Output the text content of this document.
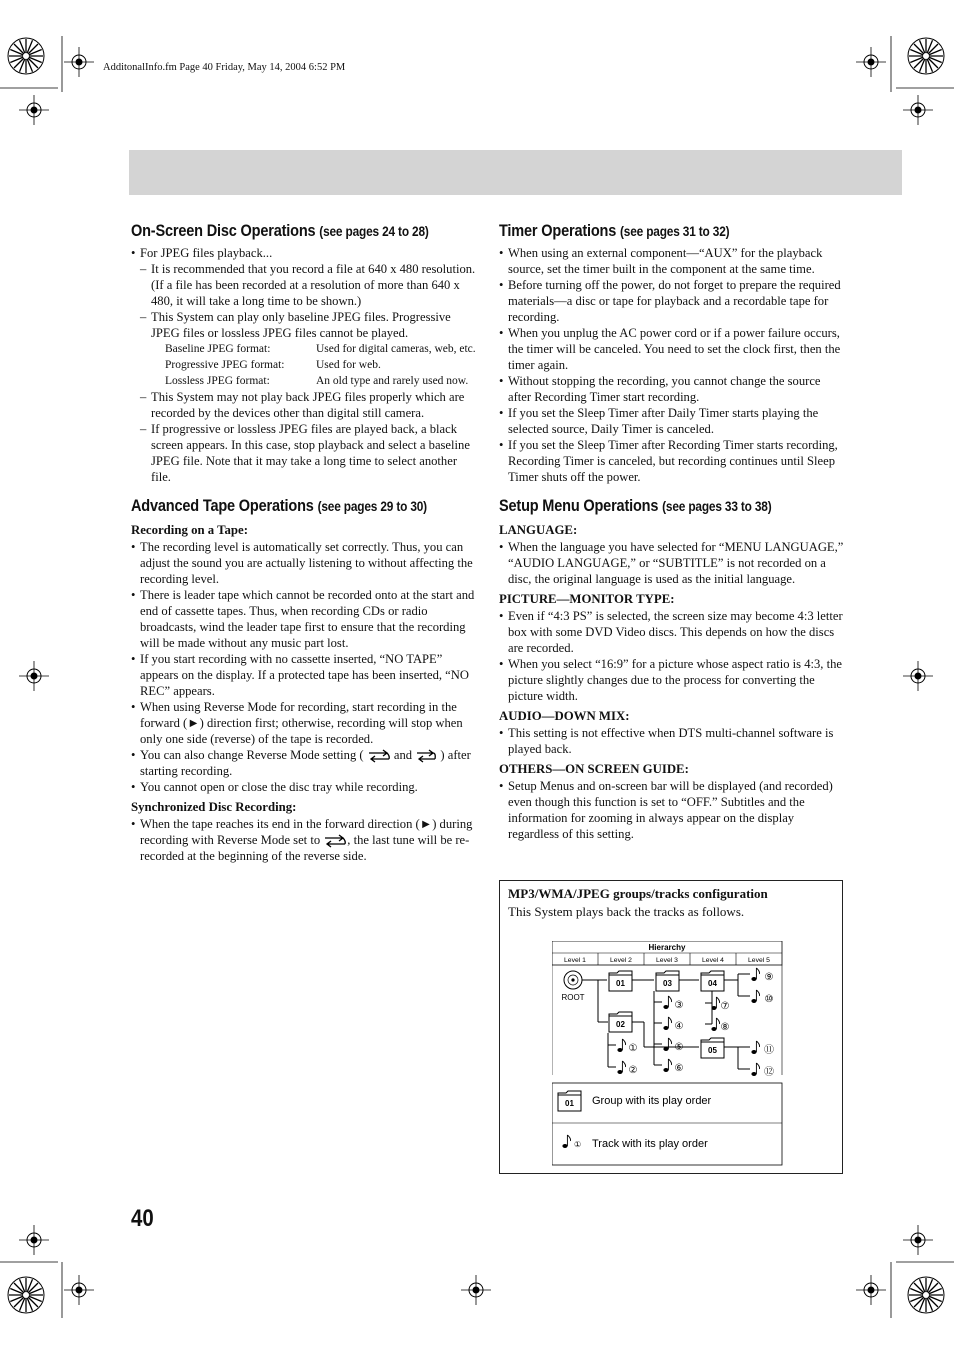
AdditonalInfo.fm Page 40 Friday, May 14, 2004 6:52 PM
On-Screen Disc Operations (see pages 24 to 28)
• For JPEG files playback...
– It is recommended that you record a file at 640 x 480 resolution. (If a file has been recorded at a resolution of more than 640 x 480, it will take a long time to be shown.)
– This System can play only baseline JPEG files. Progressive JPEG files or lossless JPEG files cannot be played.
Baseline JPEG format:	Used for digital cameras, web, etc.
Progressive JPEG format:	Used for web.
Lossless JPEG format:	An old type and rarely used now.
– This System may not play back JPEG files properly which are recorded by the devices other than digital still camera.
– If progressive or lossless JPEG files are played back, a black screen appears. In this case, stop playback and select a baseline JPEG file. Note that it may take a long time to select another file.
Advanced Tape Operations (see pages 29 to 30)
Recording on a Tape:
• The recording level is automatically set correctly. Thus, you can adjust the sound you are actually listening to without affecting the recording level.
• There is leader tape which cannot be recorded onto at the start and end of cassette tapes. Thus, when recording CDs or radio broadcasts, wind the leader tape first to ensure that the recording will be made without any music part lost.
• If you start recording with no cassette inserted, “NO TAPE” appears on the display. If a protected tape has been inserted, “NO REC” appears.
• When using Reverse Mode for recording, start recording in the forward (►) direction first; otherwise, recording will stop when only one side (reverse) of the tape is recorded.
• You can also change Reverse Mode setting ( and ) after starting recording.
• You cannot open or close the disc tray while recording.
Synchronized Disc Recording:
• When the tape reaches its end in the forward direction (►) during recording with Reverse Mode set to , the last tune will be re-recorded at the beginning of the reverse side.
Timer Operations (see pages 31 to 32)
• When using an external component—“AUX” for the playback source, set the timer built in the component at the same time.
• Before turning off the power, do not forget to prepare the required materials—a disc or tape for playback and a recordable tape for recording.
• When you unplug the AC power cord or if a power failure occurs, the timer will be canceled. You need to set the clock first, then the timer again.
• Without stopping the recording, you cannot change the source after Recording Timer start recording.
• If you set the Sleep Timer after Daily Timer starts playing the selected source, Daily Timer is canceled.
• If you set the Sleep Timer after Recording Timer starts recording, Recording Timer is canceled, but recording continues until Sleep Timer shuts off the power.
Setup Menu Operations (see pages 33 to 38)
LANGUAGE:
• When the language you have selected for “MENU LANGUAGE,” “AUDIO LANGUAGE,” or “SUBTITLE” is not recorded on a disc, the original language is used as the initial language.
PICTURE—MONITOR TYPE:
• Even if “4:3 PS” is selected, the screen size may become 4:3 letter box with some DVD Video discs. This depends on how the discs are recorded.
• When you select “16:9” for a picture whose aspect ratio is 4:3, the picture slightly changes due to the process for converting the picture width.
AUDIO—DOWN MIX:
• This setting is not effective when DTS multi-channel software is played back.
OTHERS—ON SCREEN GUIDE:
• Setup Menus and on-screen bar will be displayed (and recorded) even though this function is set to “OFF.” Subtitles and the information for zooming in always appear on the display regardless of this setting.
MP3/WMA/JPEG groups/tracks configuration
This System plays back the tracks as follows.
Hierarchy
Level 1	Level 2	Level 3	Level 4	Level 5
ROOT
01
02
03	04
⑨
⑩
⑦
⑧
③
④
⑤
⑥
05
①
②
⑪
⑫
01 Group with its play order
① Track with its play order
40
